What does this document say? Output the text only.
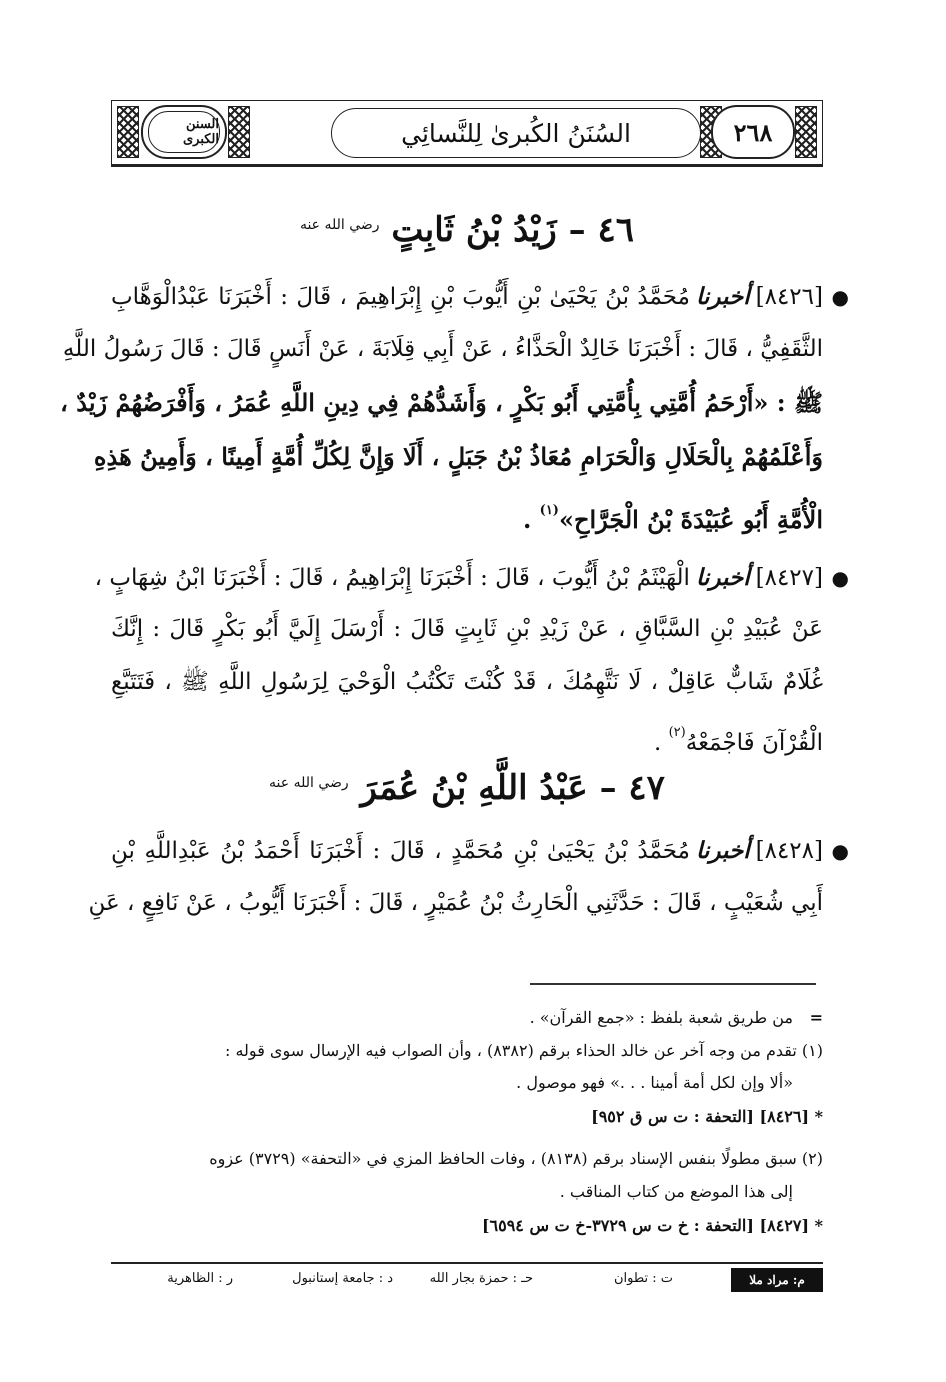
السنن الكبرى	السُنَنُ الكُبرىٰ لِلنَّسائِي	٢٦٨
٤٦ – زَيْدُ بْنُ ثَابِتٍ $^{رضي الله عنه}$
●
[٨٤٢٦]أخبرنامُحَمَّدُ بْنُ يَحْيَىٰ بْنِ أَيُّوبَ بْنِ إِبْرَاهِيمَ ، قَالَ : أَخْبَرَنَا عَبْدُالْوَهَّابِ
الثَّقَفِيُّ ، قَالَ : أَخْبَرَنَا خَالِدٌ الْحَذَّاءُ ، عَنْ أَبِي قِلَابَةَ ، عَنْ أَنَسٍ قَالَ : قَالَ رَسُولُ اللَّهِ
ﷺ : «أَرْحَمُ أُمَّتِي بِأُمَّتِي أَبُو بَكْرٍ ، وَأَشَدُّهُمْ فِي دِينِ اللَّهِ عُمَرُ ، وَأَفْرَضُهُمْ زَيْدٌ ،
وَأَعْلَمُهُمْ بِالْحَلَالِ وَالْحَرَامِ مُعَاذُ بْنُ جَبَلٍ ، أَلَا وَإِنَّ لِكُلِّ أُمَّةٍ أَمِينًا ، وَأَمِينُ هَذِهِ
الْأُمَّةِ أَبُو عُبَيْدَةَ بْنُ الْجَرَّاحِ»$^{(١)}$ .
●
[٨٤٢٧]أخبرناالْهَيْثَمُ بْنُ أَيُّوبَ ، قَالَ : أَخْبَرَنَا إِبْرَاهِيمُ ، قَالَ : أَخْبَرَنَا ابْنُ شِهَابٍ ،
عَنْ عُبَيْدِ بْنِ السَّبَّاقِ ، عَنْ زَيْدِ بْنِ ثَابِتٍ قَالَ : أَرْسَلَ إِلَيَّ أَبُو بَكْرٍ قَالَ : إِنَّكَ
غُلَامٌ شَابٌّ عَاقِلٌ ، لَا نَتَّهِمُكَ ، قَدْ كُنْتَ تَكْتُبُ الْوَحْيَ لِرَسُولِ اللَّهِ ﷺ ، فَتَتَبَّعِ
الْقُرْآنَ فَاجْمَعْهُ$^{(٢)}$ .
٤٧ – عَبْدُ اللَّهِ بْنُ عُمَرَ $^{رضي الله عنه}$
●
[٨٤٢٨]أخبرنامُحَمَّدُ بْنُ يَحْيَىٰ بْنِ مُحَمَّدٍ ، قَالَ : أَخْبَرَنَا أَحْمَدُ بْنُ عَبْدِاللَّهِ بْنِ
أَبِي شُعَيْبٍ ، قَالَ : حَدَّثَنِي الْحَارِثُ بْنُ عُمَيْرٍ ، قَالَ : أَخْبَرَنَا أَيُّوبُ ، عَنْ نَافِعٍ ، عَنِ
=
من طريق شعبة بلفظ : «جمع القرآن» .
(١) تقدم من وجه آخر عن خالد الحذاء برقم (٨٣٨٢) ، وأن الصواب فيه الإرسال سوى قوله :
«ألا وإن لكل أمة أمينا . . .» فهو موصول .
* [٨٤٢٦] [التحفة : ت س ق ٩٥٢]
(٢) سبق مطولًا بنفس الإسناد برقم (٨١٣٨) ، وفات الحافظ المزي في «التحفة» (٣٧٢٩) عزوه
إلى هذا الموضع من كتاب المناقب .
* [٨٤٢٧] [التحفة : خ ت س ٣٧٢٩-خ ت س ٦٥٩٤]
م: مراد ملا
ت : تطوان
حـ : حمزة بجار الله
د : جامعة إستانبول
ر : الظاهرية
